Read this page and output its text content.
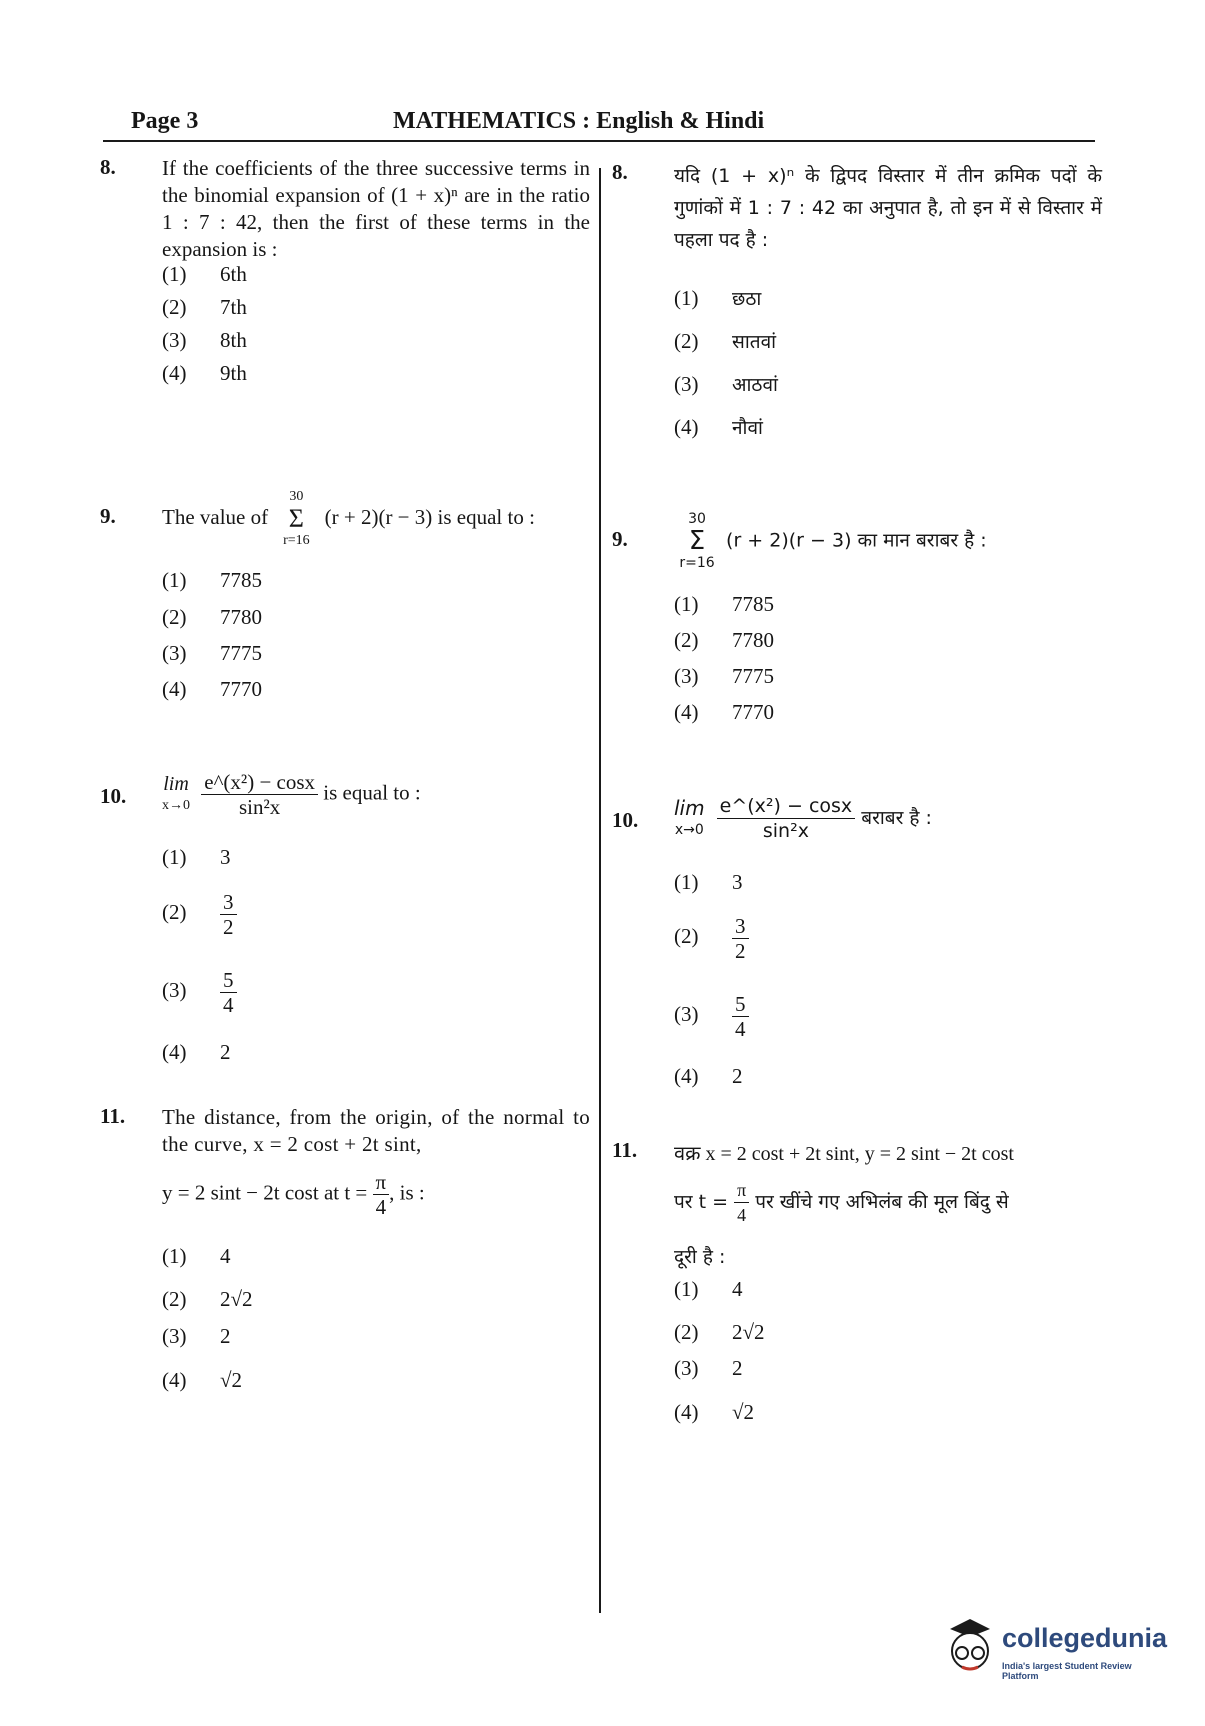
Page 3	MATHEMATICS : English & Hindi
8. If the coefficients of the three successive terms in the binomial expansion of (1 + x)ⁿ are in the ratio 1 : 7 : 42, then the first of these terms in the expansion is :
(1) 6th
(2) 7th
(3) 8th
(4) 9th
9. The value of 30
Σ
r=16 (r + 2)(r − 3) is equal to :
(1) 7785
(2) 7780
(3) 7775
(4) 7770
10.
lim
x→0
$\frac{\text{e\textasciicircum{}(x²) − cosx}}{\text{sin²x}}$ is equal to :
(1) 3
$(2) \frac{3}{2}$
$(3) \frac{5}{4}$
(4) 2
11. The distance, from the origin, of the normal to the curve, x = 2 cost + 2t sint,
y = 2 sint − 2t cost at $t = \frac{\pi}{4}$ , is :
(1) 4
(2) 2√2
(3) 2
(4) √2
8. यदि (1 + x)ⁿ के द्विपद विस्तार में तीन क्रमिक पदों के गुणांकों में 1 : 7 : 42 का अनुपात है, तो इन में से विस्तार में पहला पद है :
(1) छठा
(2) सातवां
(3) आठवां
(4) नौवां
9.
30
Σ
r=16 (r + 2)(r − 3) का मान बराबर है :
(1) 7785
(2) 7780
(3) 7775
(4) 7770
10.
lim
x→0
$\frac{\text{e\textasciicircum{}(x²) − cosx}}{\text{sin²x}}$ बराबर है :
(1) 3
$(2) \frac{3}{2}$
$(3) \frac{5}{4}$
(4) 2
11. वक्र x = 2 cost + 2t sint, y = 2 sint − 2t cost
पर $t = \frac{\pi}{4}$ पर खींचे गए अभिलंब की मूल बिंदु से
दूरी है :
(1) 4
(2) 2√2
(3) 2
(4) √2
collegedunia
India's largest Student Review Platform
